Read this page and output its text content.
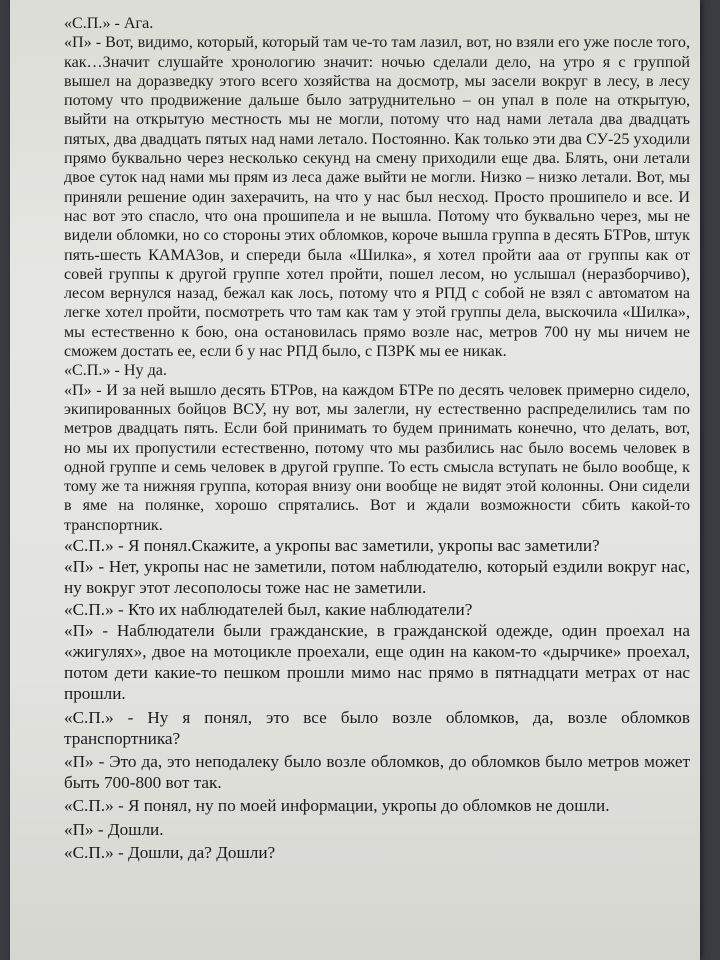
«С.П.» - Ага.

«П» - Вот, видимо, который, который там че-то там лазил, вот, но взяли его уже после того, как…Значит слушайте хронологию значит: ночью сделали дело, на утро я с группой вышел на доразведку этого всего хозяйства на досмотр, мы засели вокруг в лесу, в лесу потому что продвижение дальше было затруднительно – он упал в поле на открытую, выйти на открытую местность мы не могли, потому что над нами летала два двадцать пятых, два двадцать пятых над нами летало. Постоянно. Как только эти два СУ-25 уходили прямо буквально через несколько секунд на смену приходили еще два. Блять, они летали двое суток над нами мы прям из леса даже выйти не могли. Низко – низко летали. Вот, мы приняли решение один захерачить, на что у нас был несход. Просто прошипело и все. И нас вот это спасло, что она прошипела и не вышла. Потому что буквально через, мы не видели обломки, но со стороны этих обломков, короче вышла группа в десять БТРов, штук пять-шесть КАМАЗов, и спереди была «Шилка», я хотел пройти ааа от группы как от совей группы к другой группе хотел пройти, пошел лесом, но услышал (неразборчиво), лесом вернулся назад, бежал как лось, потому что я РПД с собой не взял с автоматом на легке хотел пройти, посмотреть что там как там у этой группы дела, выскочила «Шилка», мы естественно к бою, она остановилась прямо возле нас, метров 700 ну мы ничем не сможем достать ее, если б у нас РПД было, с ПЗРК мы ее никак.

«С.П.» - Ну да.

«П» - И за ней вышло десять БТРов, на каждом БТРе по десять человек примерно сидело, экипированных бойцов ВСУ, ну вот, мы залегли, ну естественно распределились там по метров двадцать пять. Если бой принимать то будем принимать конечно, что делать, вот, но мы их пропустили естественно, потому что мы разбились нас было восемь человек в одной группе и семь человек в другой группе. То есть смысла вступать не было вообще, к тому же та нижняя группа, которая внизу они вообще не видят этой колонны. Они сидели в яме на полянке, хорошо спрятались. Вот и ждали возможности сбить какой-то транспортник.

«С.П.» - Я понял.Скажите, а укропы вас заметили, укропы вас заметили?

«П» - Нет, укропы нас не заметили, потом наблюдателю, который ездили вокруг нас, ну вокруг этот лесополосы тоже нас не заметили.

«С.П.» - Кто их наблюдателей был, какие наблюдатели?

«П» - Наблюдатели были гражданские, в гражданской одежде, один проехал на «жигулях», двое на мотоцикле проехали, еще один на каком-то «дырчике» проехал, потом дети какие-то пешком прошли мимо нас прямо в пятнадцати метрах от нас прошли.

«С.П.» - Ну я понял, это все было возле обломков, да, возле обломков транспортника?

«П» - Это да, это неподалеку было возле обломков, до обломков было метров может быть 700-800 вот так.

«С.П.» - Я понял, ну по моей информации, укропы до обломков не дошли.

«П» - Дошли.

«С.П.» - Дошли, да? Дошли?
